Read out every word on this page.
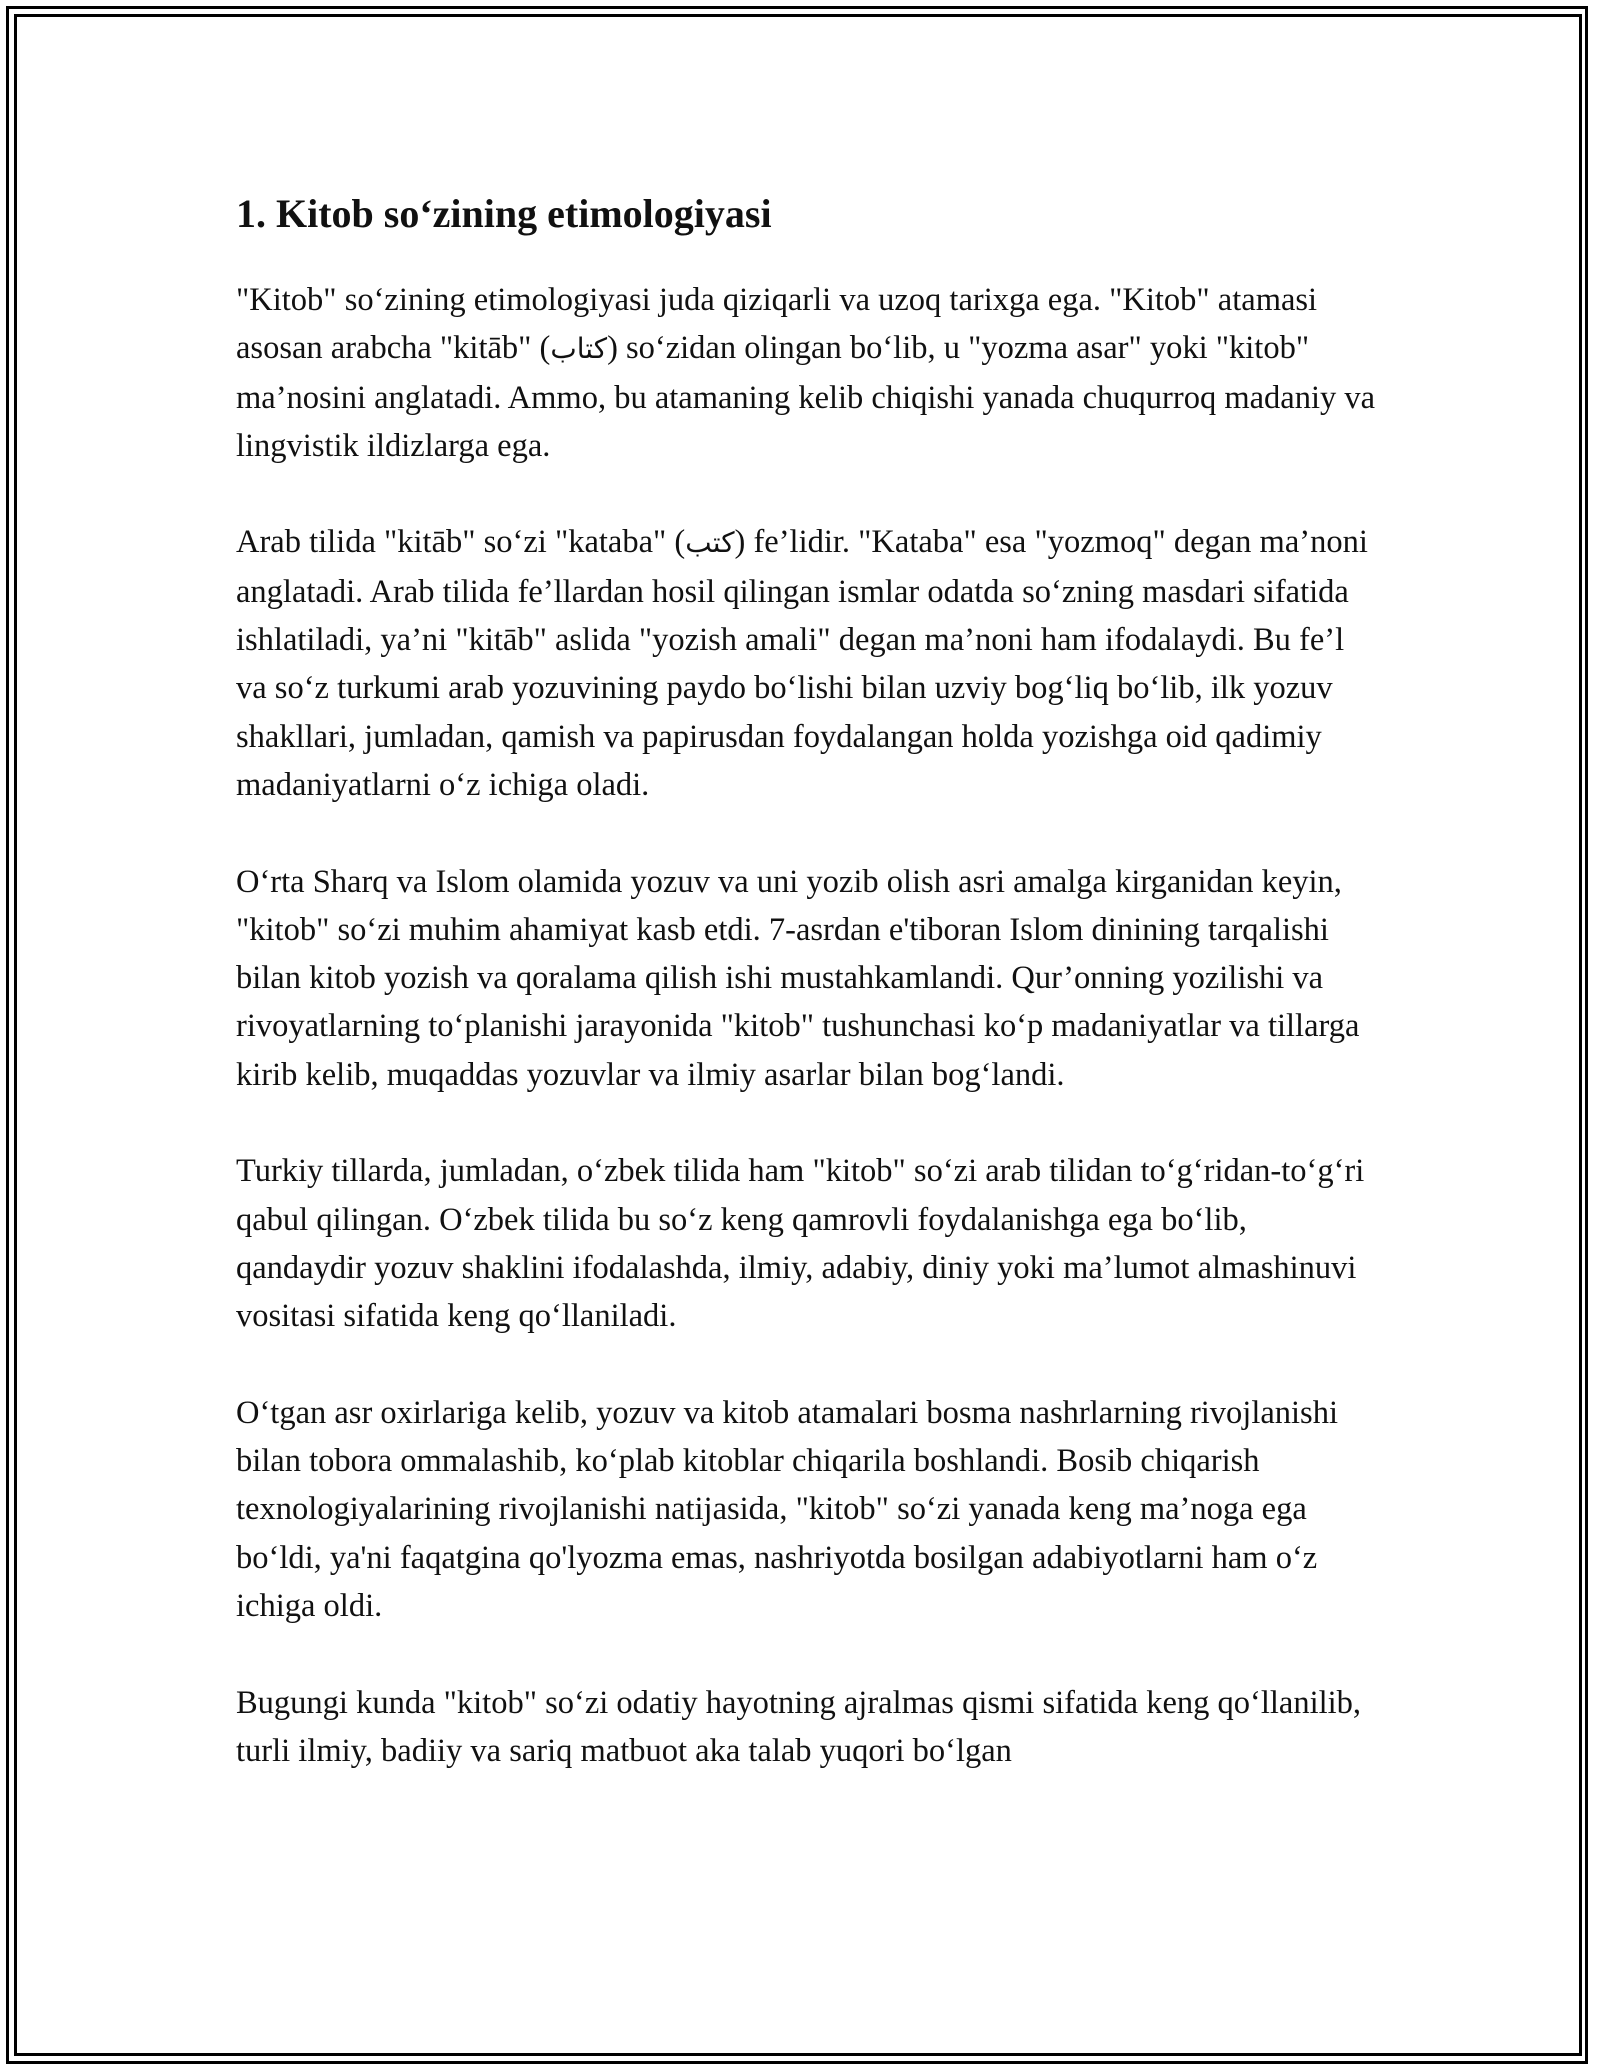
1. Kitob so‘zining etimologiyasi

"Kitob" so‘zining etimologiyasi juda qiziqarli va uzoq tarixga ega. "Kitob" atamasi asosan arabcha "kitāb" (كتاب) so‘zidan olingan bo‘lib, u "yozma asar" yoki "kitob" ma’nosini anglatadi. Ammo, bu atamaning kelib chiqishi yanada chuqurroq madaniy va lingvistik ildizlarga ega.

Arab tilida "kitāb" so‘zi "kataba" (كتب) fe’lidir. "Kataba" esa "yozmoq" degan ma’noni anglatadi. Arab tilida fe’llardan hosil qilingan ismlar odatda so‘zning masdari sifatida ishlatiladi, ya’ni "kitāb" aslida "yozish amali" degan ma’noni ham ifodalaydi. Bu fe’l va so‘z turkumi arab yozuvining paydo bo‘lishi bilan uzviy bog‘liq bo‘lib, ilk yozuv shakllari, jumladan, qamish va papirusdan foydalangan holda yozishga oid qadimiy madaniyatlarni o‘z ichiga oladi.

O‘rta Sharq va Islom olamida yozuv va uni yozib olish asri amalga kirganidan keyin, "kitob" so‘zi muhim ahamiyat kasb etdi. 7-asrdan e'tiboran Islom dinining tarqalishi bilan kitob yozish va qoralama qilish ishi mustahkamlandi. Qur’onning yozilishi va rivoyatlarning to‘planishi jarayonida "kitob" tushunchasi ko‘p madaniyatlar va tillarga kirib kelib, muqaddas yozuvlar va ilmiy asarlar bilan bog‘landi.

Turkiy tillarda, jumladan, o‘zbek tilida ham "kitob" so‘zi arab tilidan to‘g‘ridan-to‘g‘ri qabul qilingan. O‘zbek tilida bu so‘z keng qamrovli foydalanishga ega bo‘lib, qandaydir yozuv shaklini ifodalashda, ilmiy, adabiy, diniy yoki ma’lumot almashinuvi vositasi sifatida keng qo‘llaniladi.

O‘tgan asr oxirlariga kelib, yozuv va kitob atamalari bosma nashrlarning rivojlanishi bilan tobora ommalashib, ko‘plab kitoblar chiqarila boshlandi. Bosib chiqarish texnologiyalarining rivojlanishi natijasida, "kitob" so‘zi yanada keng ma’noga ega bo‘ldi, ya'ni faqatgina qo'lyozma emas, nashriyotda bosilgan adabiyotlarni ham o‘z ichiga oldi.

Bugungi kunda "kitob" so‘zi odatiy hayotning ajralmas qismi sifatida keng qo‘llanilib, turli ilmiy, badiiy va sariq matbuot aka talab yuqori bo‘lgan
